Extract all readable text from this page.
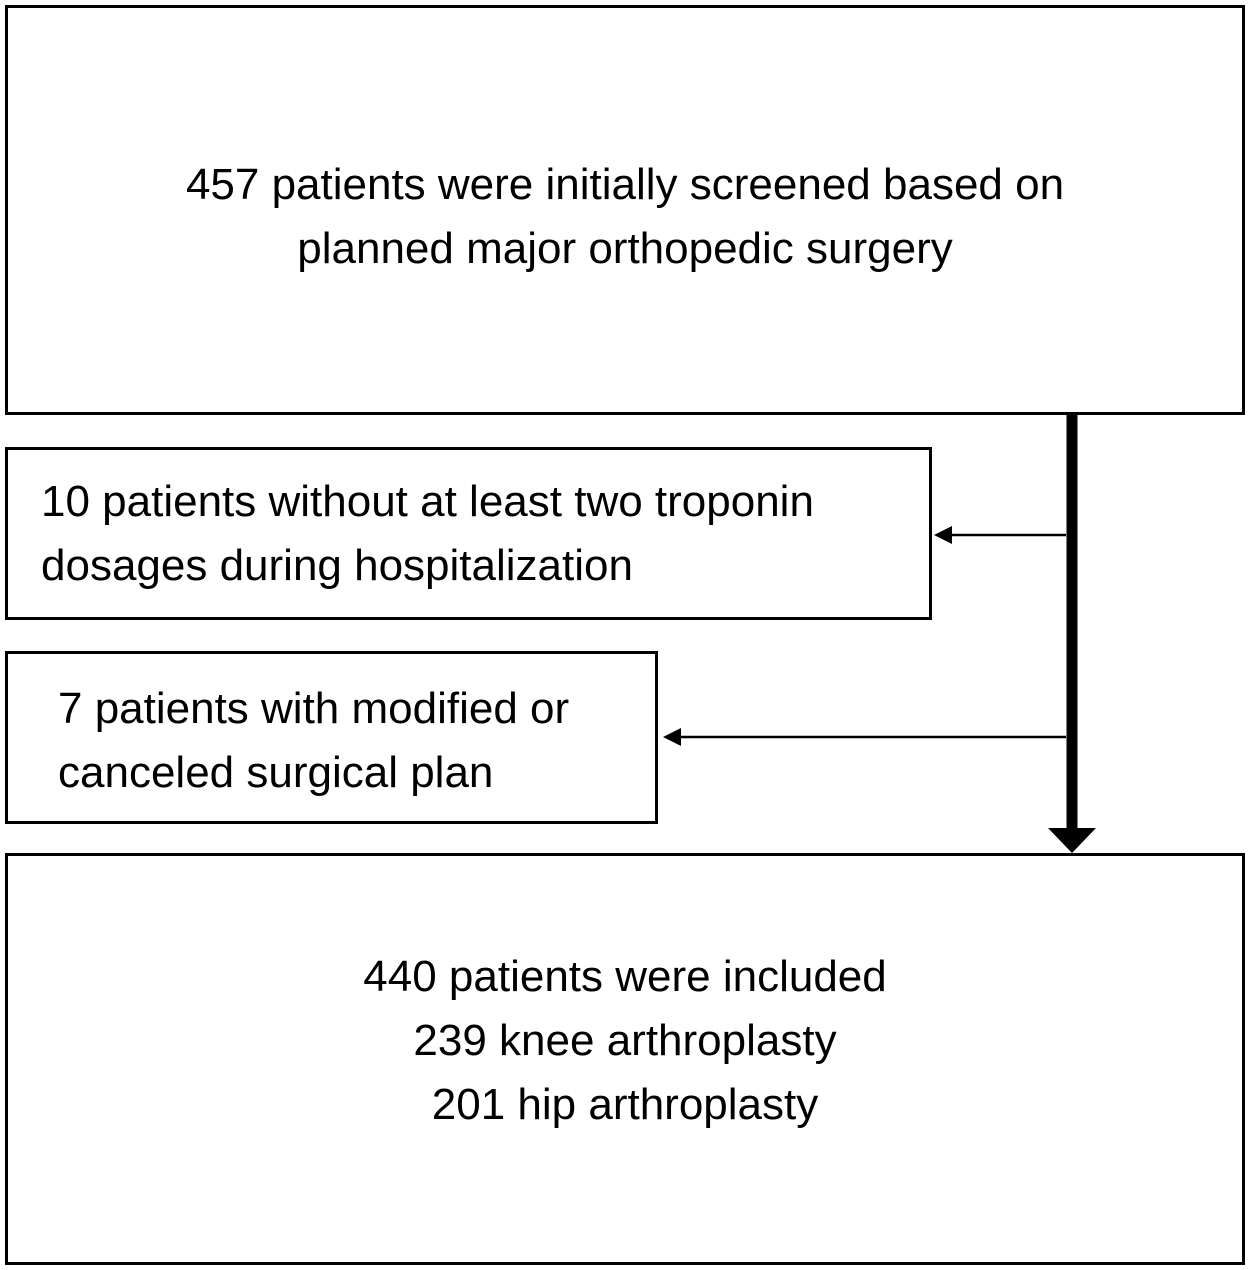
457 patients were initially screened based on
planned major orthopedic surgery
10 patients without at least two troponin
dosages during hospitalization
7 patients with modified or
canceled surgical plan
440 patients were included
239 knee arthroplasty
201 hip arthroplasty
